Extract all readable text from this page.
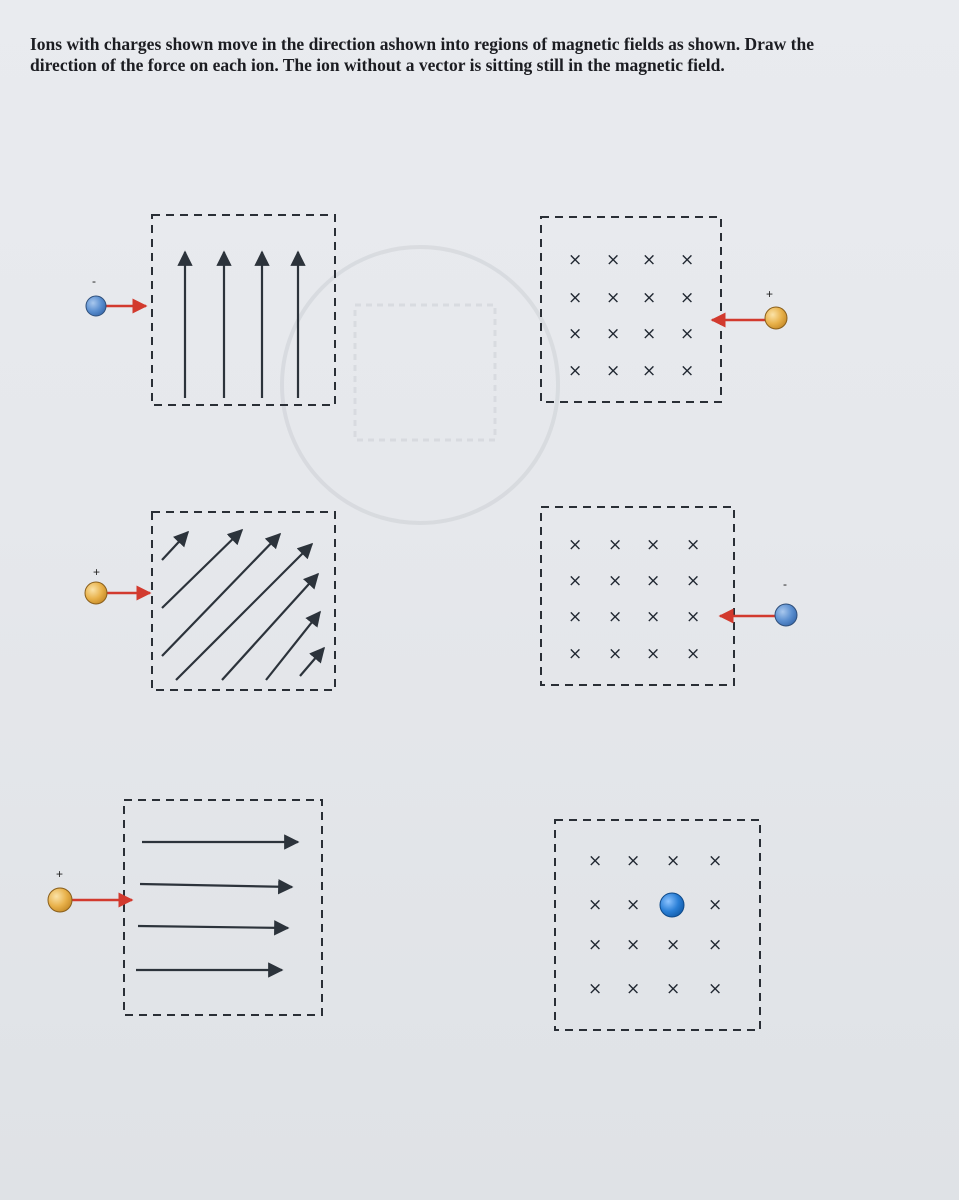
Ions with charges shown move in the direction ashown into regions of magnetic fields as shown. Draw the direction of the force on each ion. The ion without a vector is sitting still in the magnetic field.

-
× × × ×
× × × ×
× × × ×
× × × ×
+
+
× × × ×
× × × ×
× × × ×
× × × ×
-
+
× × × ×
× ×	×
× × × ×
× × × ×
